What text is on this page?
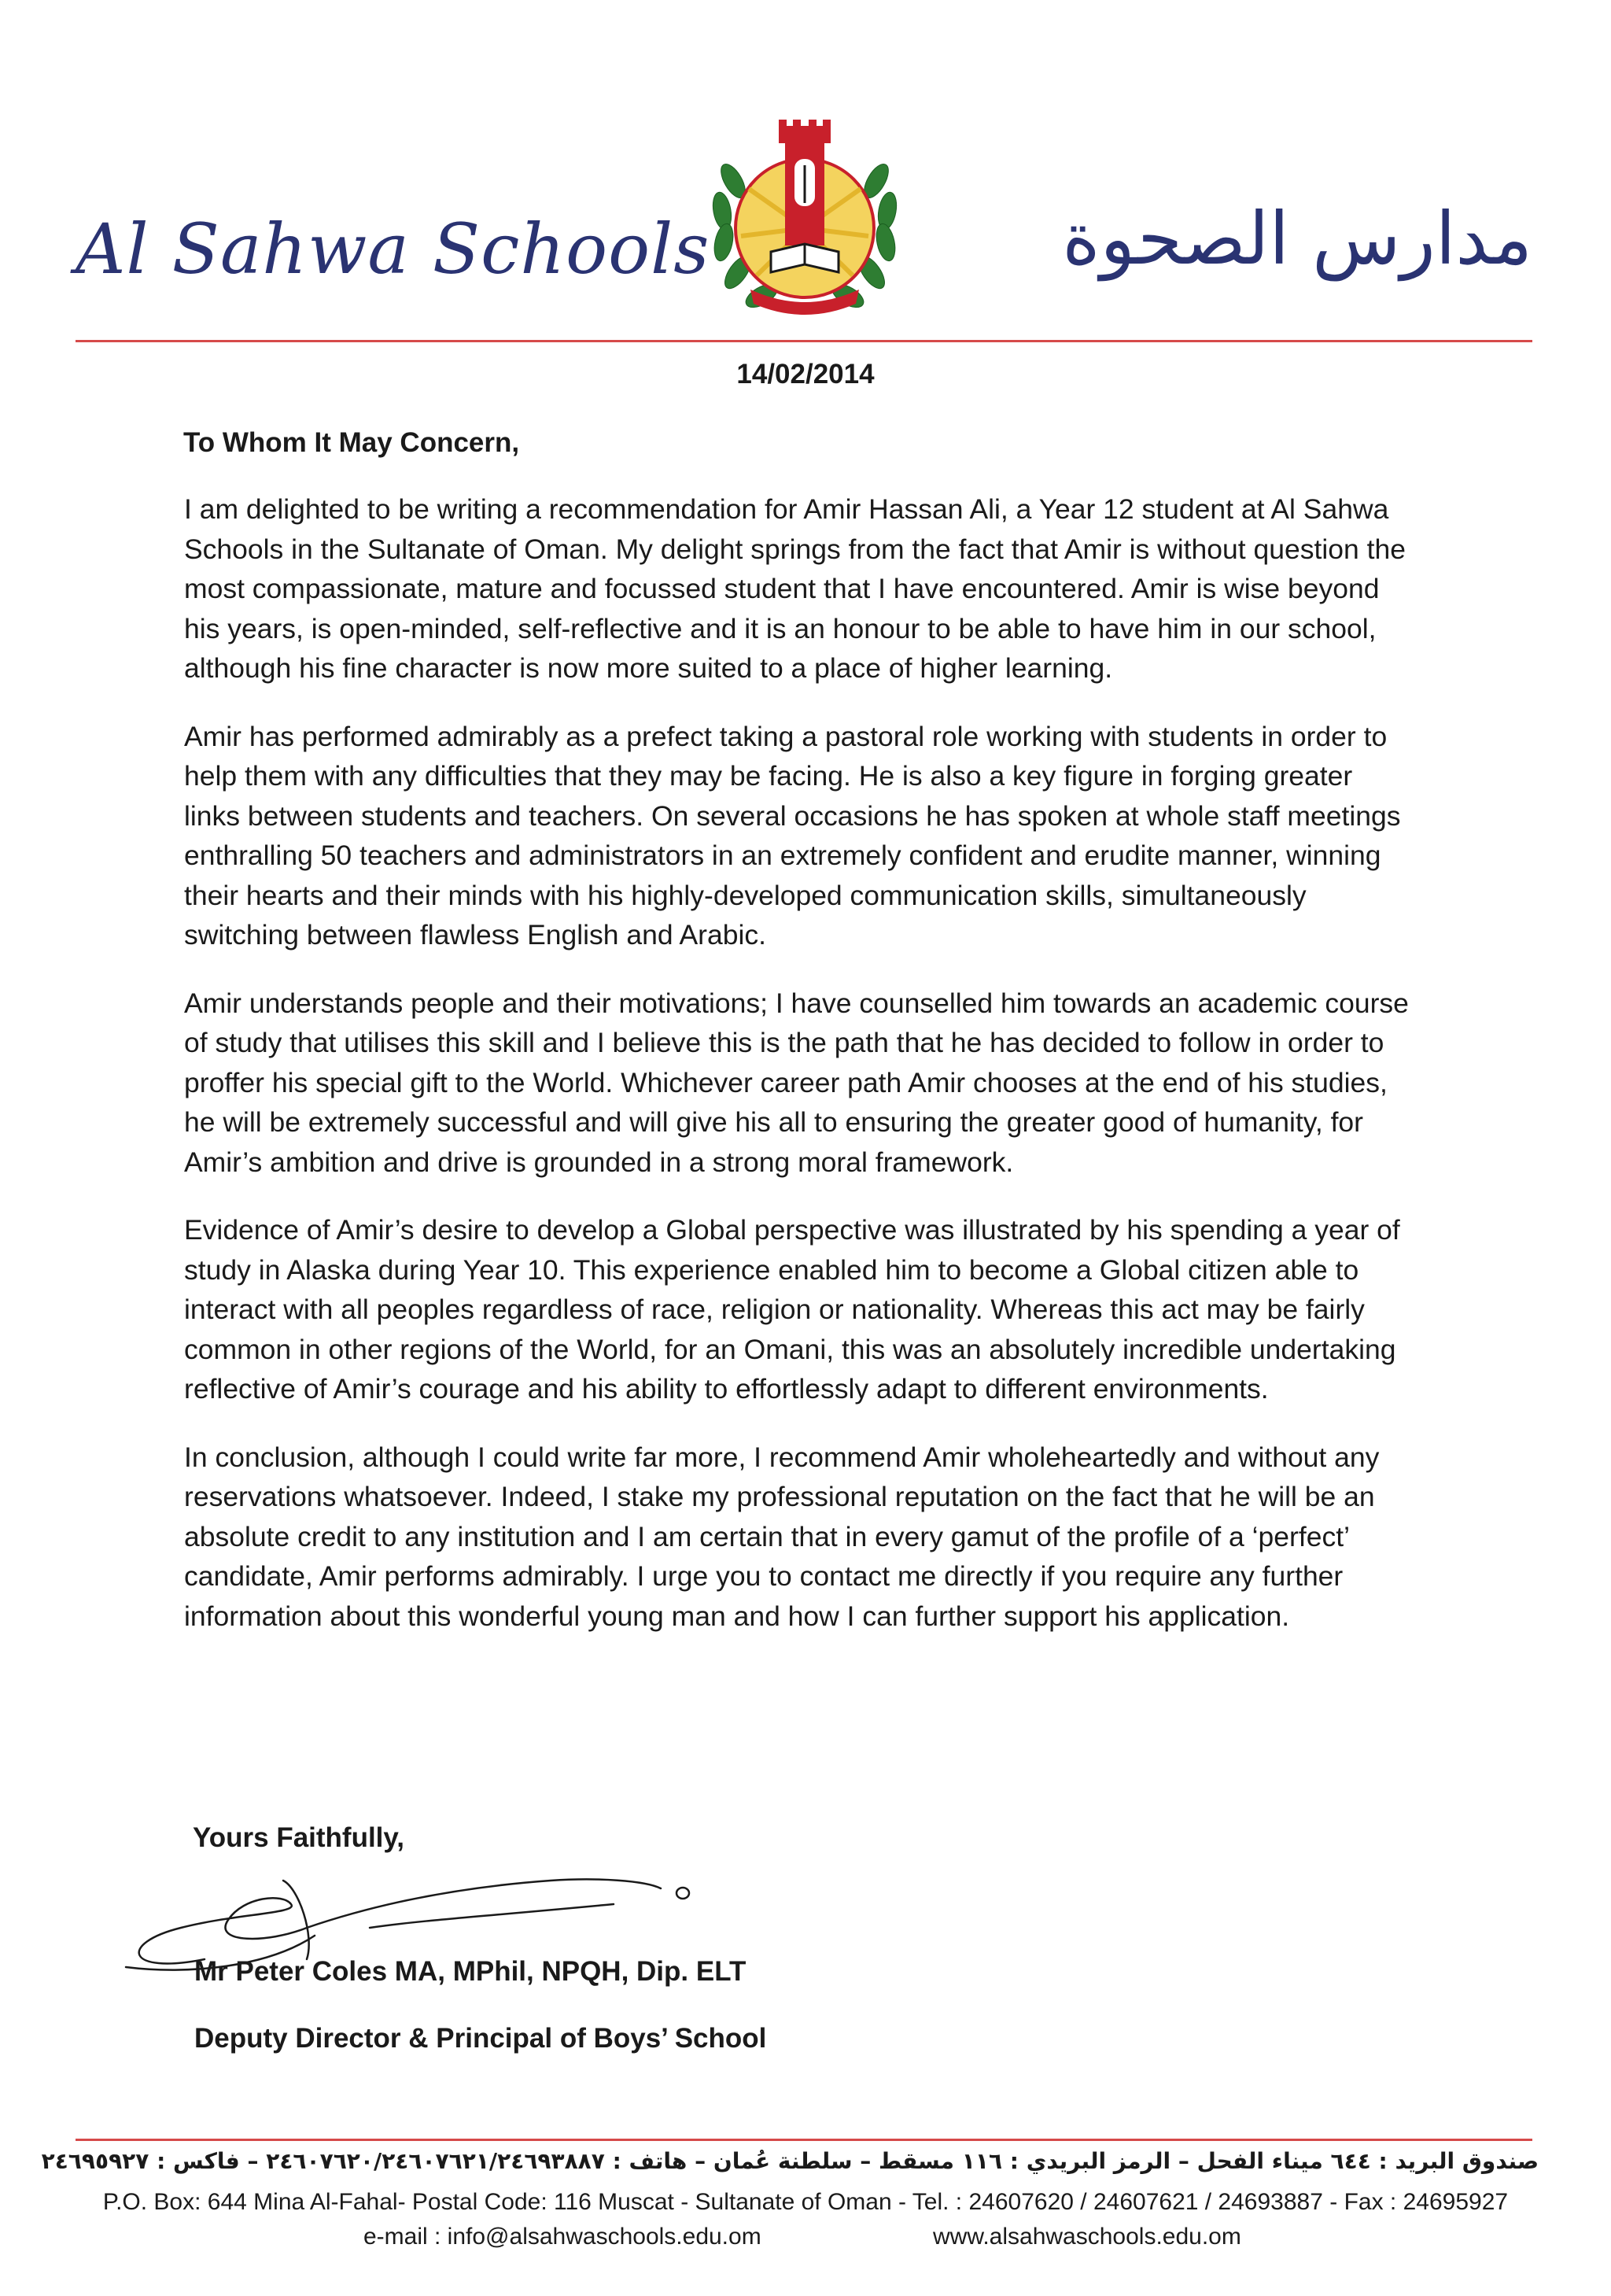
Al Sahwa Schools	مدارس الصحوة
14/02/2014
To Whom It May Concern,

I am delighted to be writing a recommendation for Amir Hassan Ali, a Year 12 student at Al Sahwa Schools in the Sultanate of Oman. My delight springs from the fact that Amir is without question the most compassionate, mature and focussed student that I have encountered. Amir is wise beyond his years, is open-minded, self-reflective and it is an honour to be able to have him in our school, although his fine character is now more suited to a place of higher learning.

Amir has performed admirably as a prefect taking a pastoral role working with students in order to help them with any difficulties that they may be facing. He is also a key figure in forging greater links between students and teachers. On several occasions he has spoken at whole staff meetings enthralling 50 teachers and administrators in an extremely confident and erudite manner, winning their hearts and their minds with his highly-developed communication skills, simultaneously switching between flawless English and Arabic.

Amir understands people and their motivations; I have counselled him towards an academic course of study that utilises this skill and I believe this is the path that he has decided to follow in order to proffer his special gift to the World. Whichever career path Amir chooses at the end of his studies, he will be extremely successful and will give his all to ensuring the greater good of humanity, for Amir’s ambition and drive is grounded in a strong moral framework.

Evidence of Amir’s desire to develop a Global perspective was illustrated by his spending a year of study in Alaska during Year 10. This experience enabled him to become a Global citizen able to interact with all peoples regardless of race, religion or nationality. Whereas this act may be fairly common in other regions of the World, for an Omani, this was an absolutely incredible undertaking reflective of Amir’s courage and his ability to effortlessly adapt to different environments.

In conclusion, although I could write far more, I recommend Amir wholeheartedly and without any reservations whatsoever. Indeed, I stake my professional reputation on the fact that he will be an absolute credit to any institution and I am certain that in every gamut of the profile of a ‘perfect’ candidate, Amir performs admirably. I urge you to contact me directly if you require any further information about this wonderful young man and how I can further support his application.

Yours Faithfully,
Mr Peter Coles MA, MPhil, NPQH, Dip. ELT
Deputy Director & Principal of Boys’ School
صندوق البريد : ٦٤٤ ميناء الفحل – الرمز البريدي : ١١٦ مسقط – سلطنة عُمان – هاتف : ٢٤٦٠٧٦٢٠/٢٤٦٠٧٦٢١/٢٤٦٩٣٨٨٧ – فاكس : ٢٤٦٩٥٩٢٧
P.O. Box: 644 Mina Al-Fahal- Postal Code: 116 Muscat - Sultanate of Oman - Tel. : 24607620 / 24607621 / 24693887 - Fax : 24695927
e-mail : info@alsahwaschools.edu.om	www.alsahwaschools.edu.om
